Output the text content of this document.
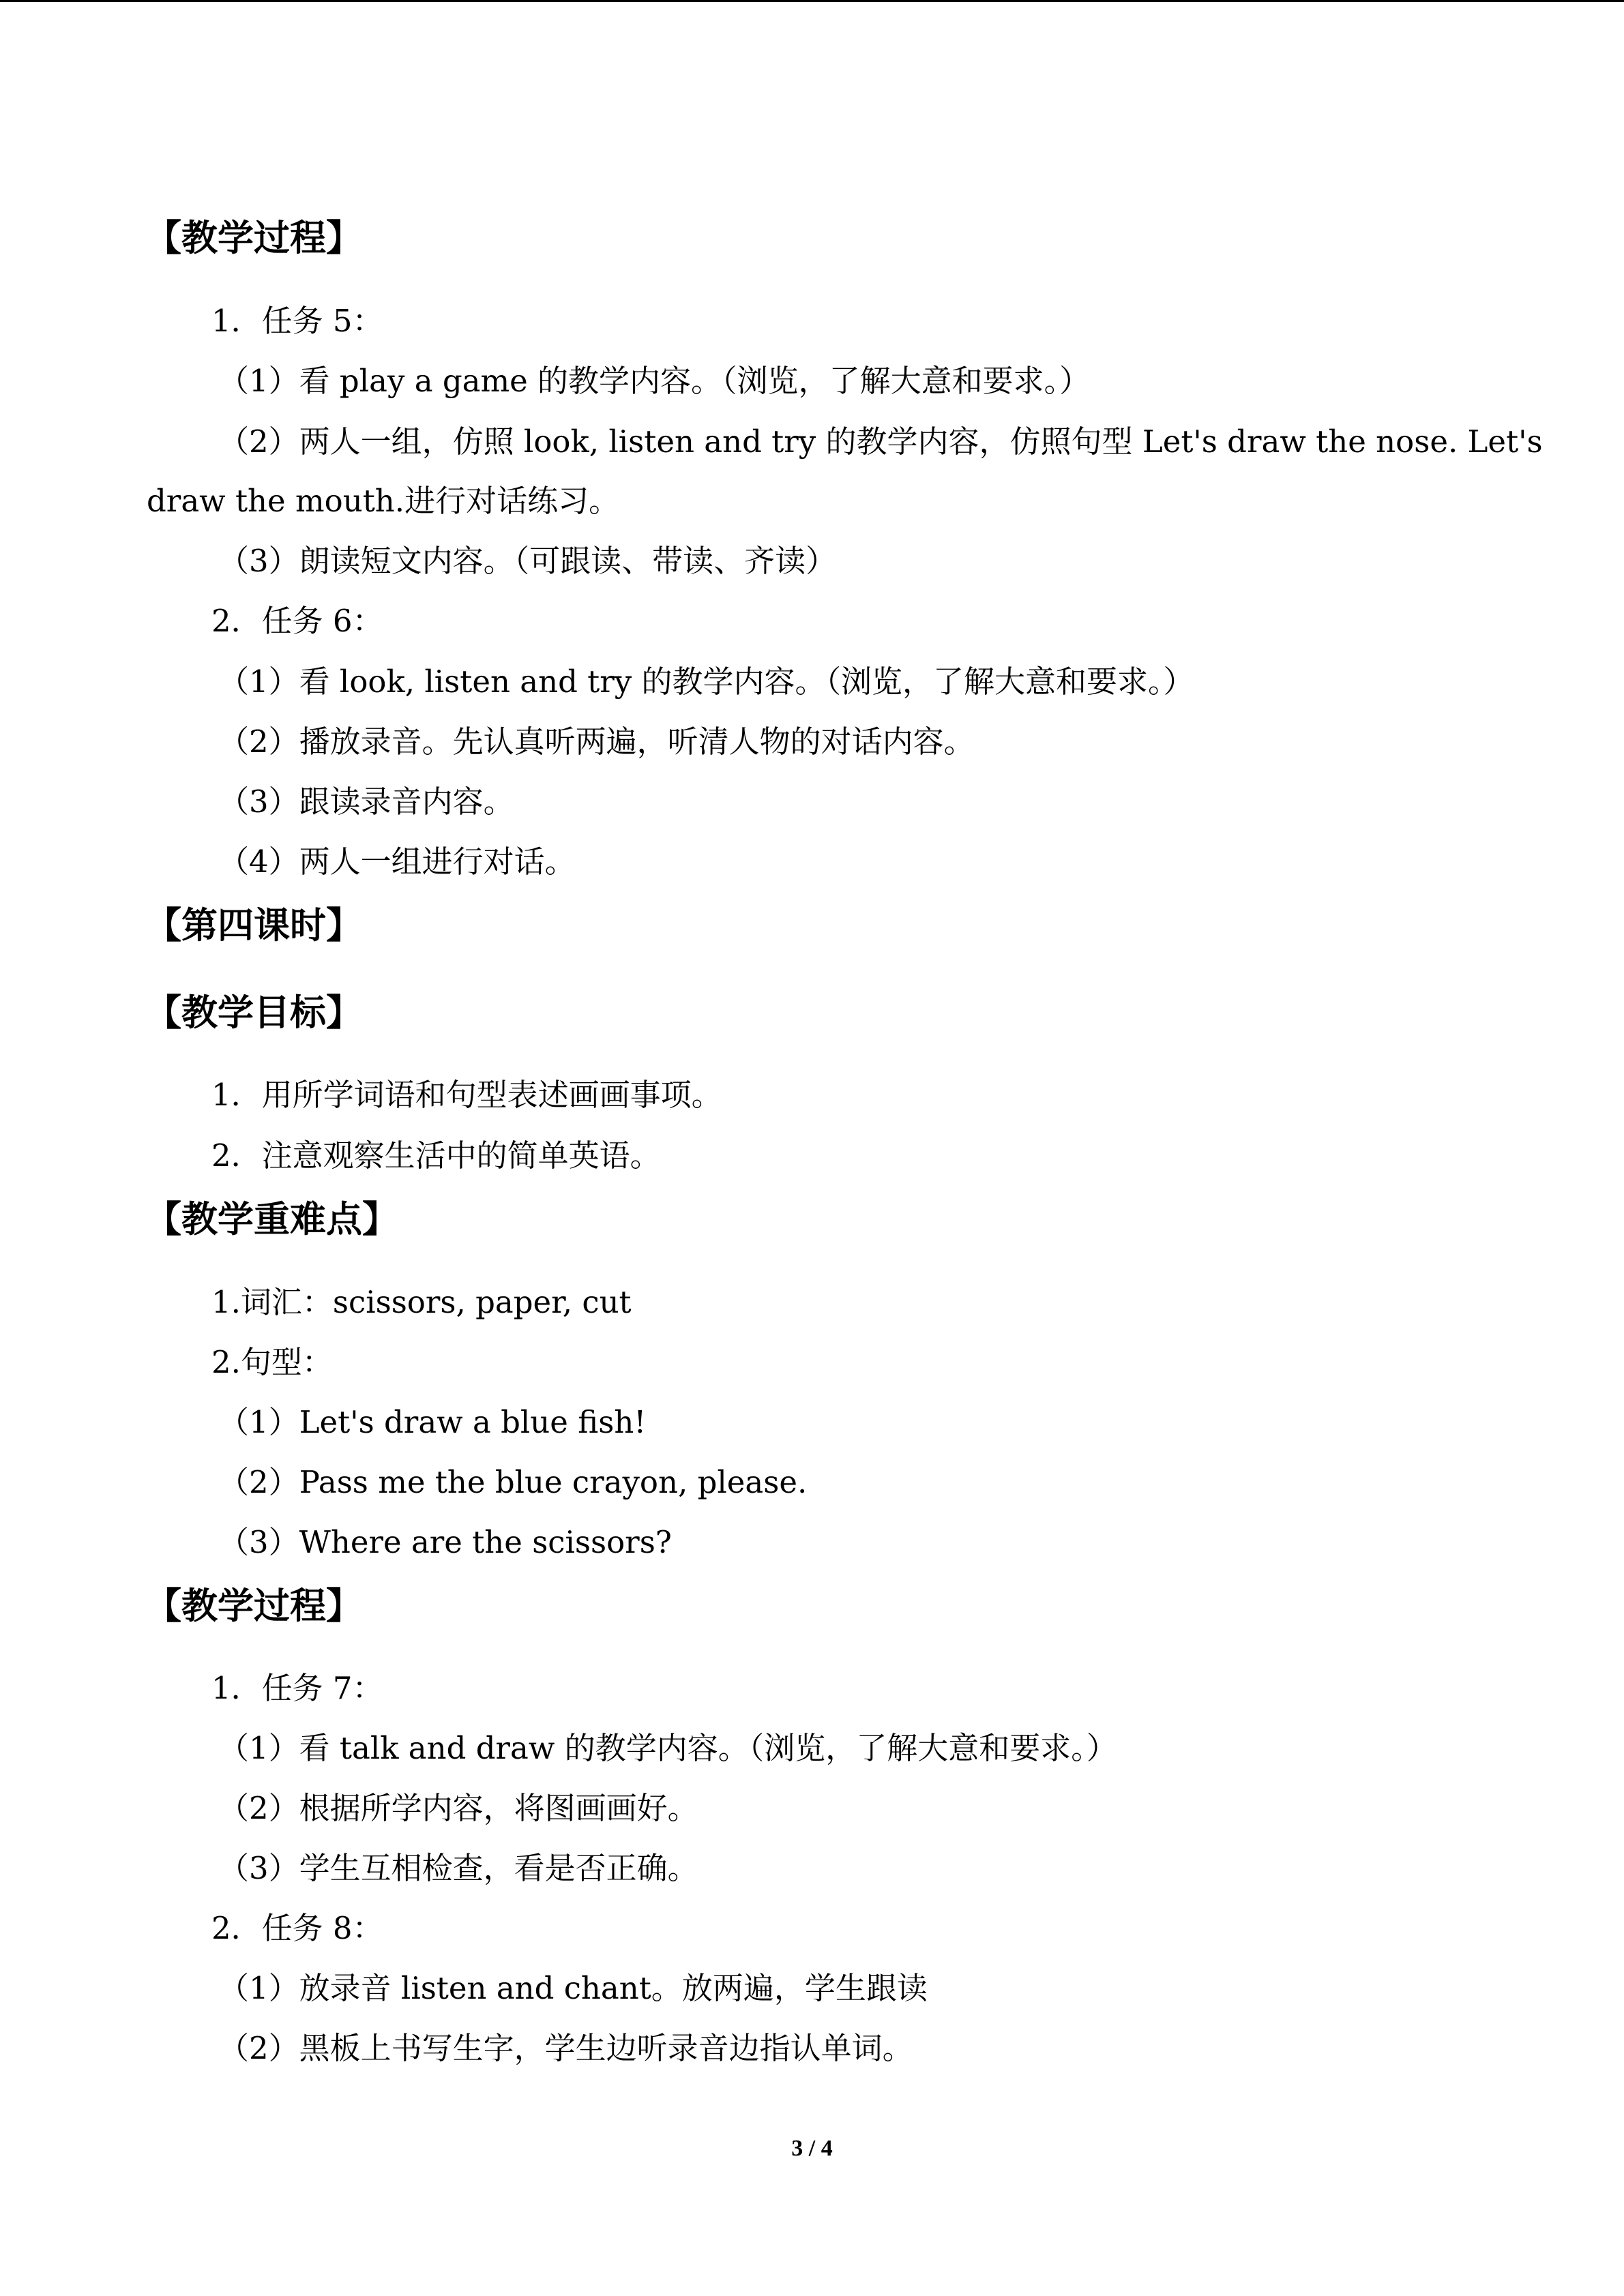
【教学过程】
1．任务 5：
（1）看 play a game 的教学内容。（浏览，了解大意和要求。）
（2）两人一组，仿照 look, listen and try 的教学内容，仿照句型 Let's draw the nose. Let's
draw the mouth.进行对话练习。
（3）朗读短文内容。（可跟读、带读、齐读）
2．任务 6：
（1）看 look, listen and try 的教学内容。（浏览，了解大意和要求。）
（2）播放录音。先认真听两遍，听清人物的对话内容。
（3）跟读录音内容。
（4）两人一组进行对话。
【第四课时】
【教学目标】
1．用所学词语和句型表述画画事项。
2．注意观察生活中的简单英语。
【教学重难点】
1.词汇：scissors, paper, cut
2.句型：
（1）Let's draw a blue fish!
（2）Pass me the blue crayon, please.
（3）Where are the scissors?
【教学过程】
1．任务 7：
（1）看 talk and draw 的教学内容。（浏览，了解大意和要求。）
（2）根据所学内容，将图画画好。
（3）学生互相检查，看是否正确。
2．任务 8：
（1）放录音 listen and chant。放两遍，学生跟读
（2）黑板上书写生字，学生边听录音边指认单词。
3 / 4
